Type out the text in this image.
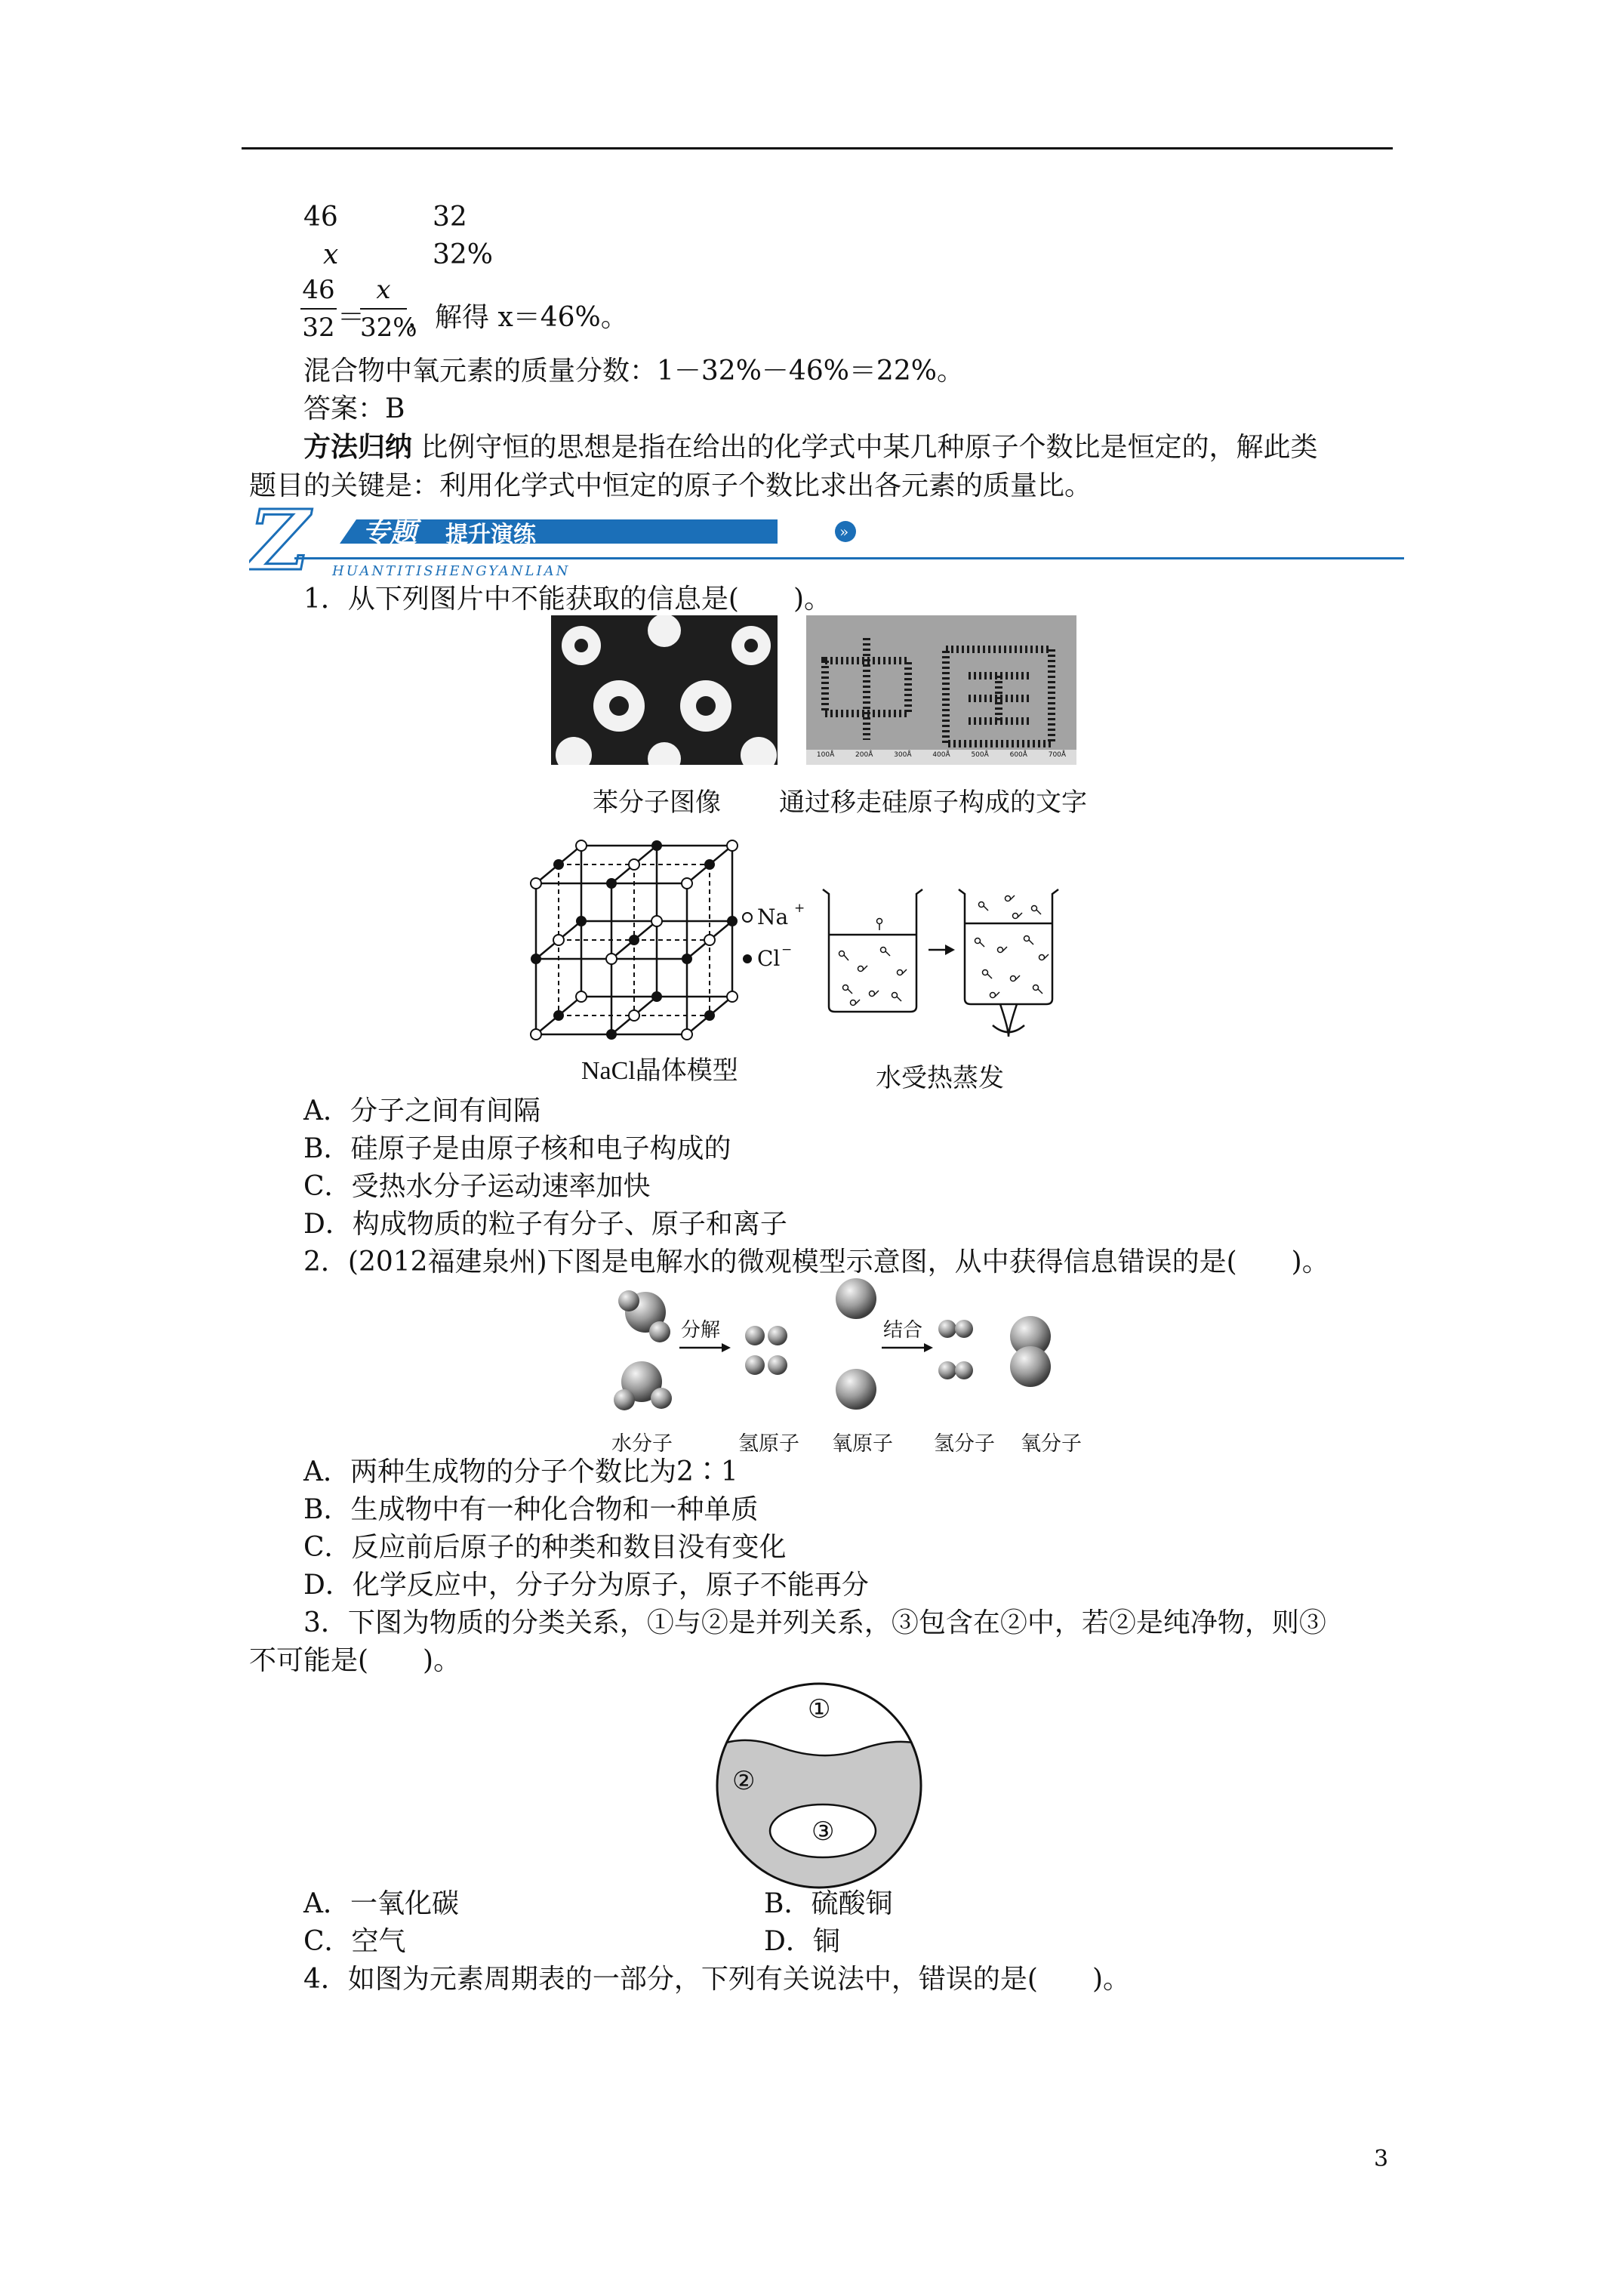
46	32
x	32%
46
32 ＝
x
32%
，解得 x＝46%。
混合物中氧元素的质量分数：1－32%－46%＝22%。
答案：B
方法归纳 比例守恒的思想是指在给出的化学式中某几种原子个数比是恒定的，解此类
题目的关键是：利用化学式中恒定的原子个数比求出各元素的质量比。
Z	»
专题 提升演练
HUANTITISHENGYANLIAN
1．从下列图片中不能获取的信息是(　　)。
100Å	200Å	300Å	400Å	500Å	600Å	700Å
苯分子图像 通过移走硅原子构成的文字
Na +
Cl −
NaCl晶体模型	水受热蒸发
A．分子之间有间隔
B．硅原子是由原子核和电子构成的
C．受热水分子运动速率加快
D．构成物质的粒子有分子、原子和离子
2．(2012福建泉州)下图是电解水的微观模型示意图，从中获得信息错误的是(　　)。
分解	结合
水分子	氢原子 氧原子 氢分子 氧分子
A．两种生成物的分子个数比为2∶1
B．生成物中有一种化合物和一种单质
C．反应前后原子的种类和数目没有变化
D．化学反应中，分子分为原子，原子不能再分
3．下图为物质的分类关系，①与②是并列关系，③包含在②中，若②是纯净物，则③
不可能是(　　)。
①
②
③
A．一氧化碳	B．硫酸铜
C．空气	D．铜
4．如图为元素周期表的一部分，下列有关说法中，错误的是(　　)。
3
